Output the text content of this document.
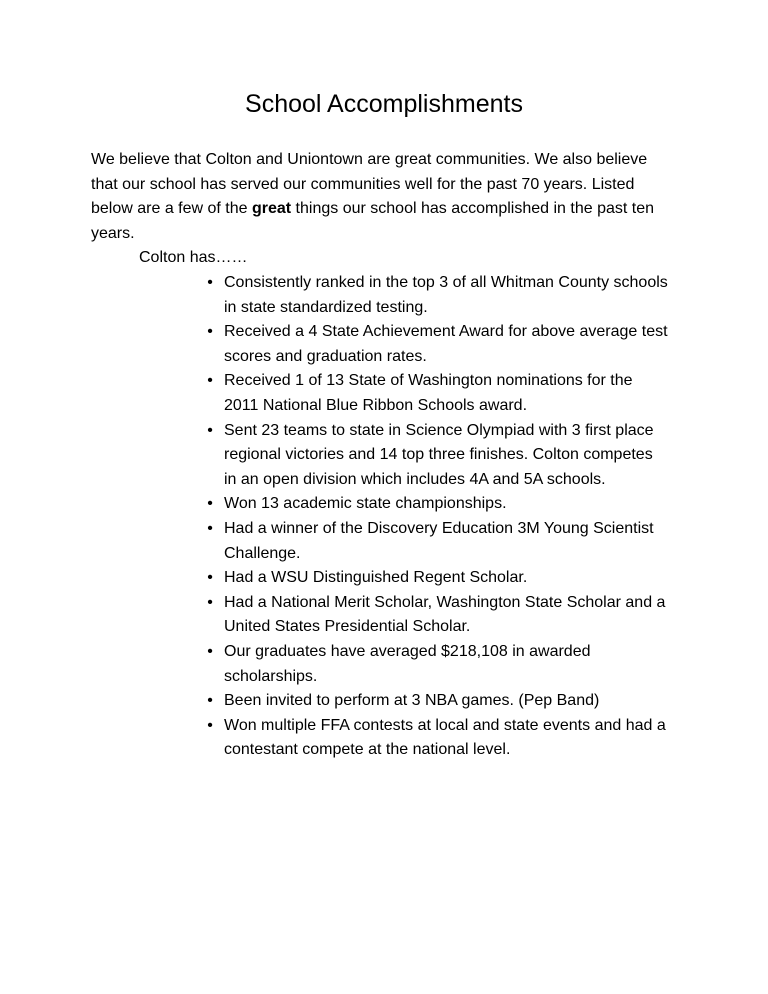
School Accomplishments

We believe that Colton and Uniontown are great communities. We also believe
that our school has served our communities well for the past 70 years. Listed
below are a few of the great things our school has accomplished in the past ten
years.

Colton has……

• Consistently ranked in the top 3 of all Whitman County schools
in state standardized testing.
• Received a 4 State Achievement Award for above average test
scores and graduation rates.
• Received 1 of 13 State of Washington nominations for the
2011 National Blue Ribbon Schools award.
• Sent 23 teams to state in Science Olympiad with 3 first place
regional victories and 14 top three finishes. Colton competes
in an open division which includes 4A and 5A schools.
• Won 13 academic state championships.
• Had a winner of the Discovery Education 3M Young Scientist
Challenge.
• Had a WSU Distinguished Regent Scholar.
• Had a National Merit Scholar, Washington State Scholar and a
United States Presidential Scholar.
• Our graduates have averaged $218,108 in awarded
scholarships.
• Been invited to perform at 3 NBA games. (Pep Band)
• Won multiple FFA contests at local and state events and had a
contestant compete at the national level.
